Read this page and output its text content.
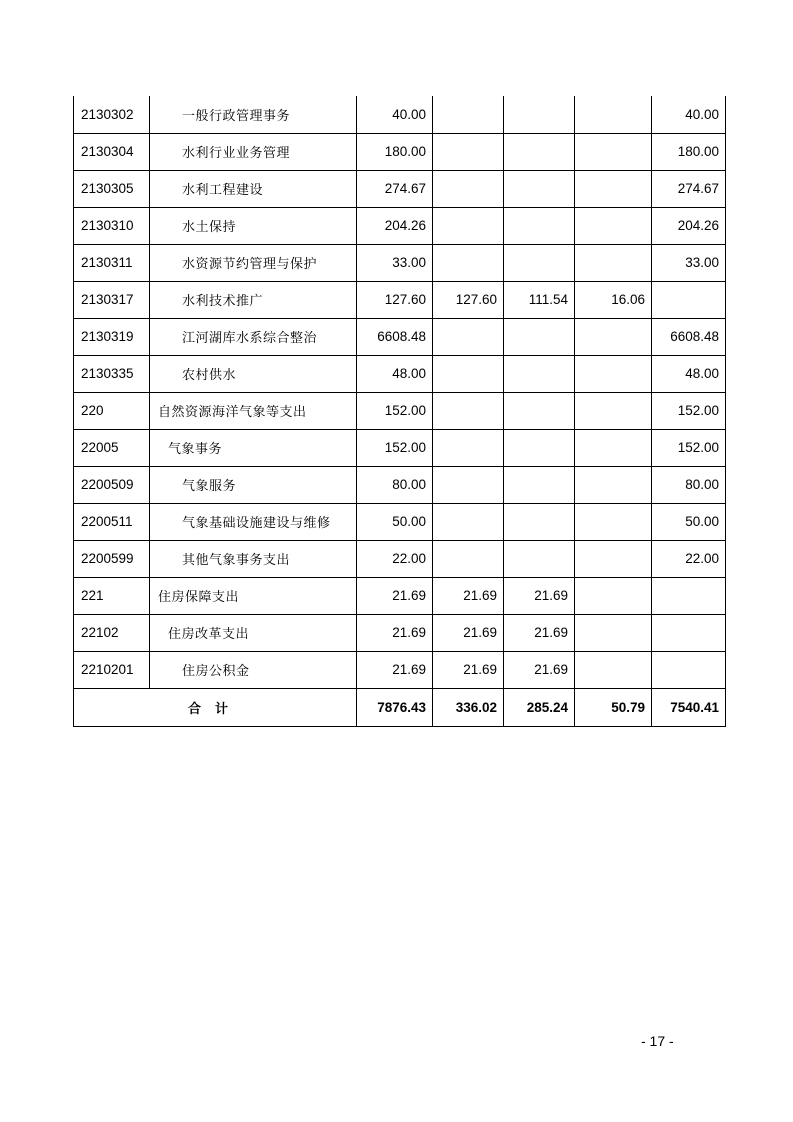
2130302	一般行政管理事务	40.00				40.00
2130304	水利行业业务管理	180.00				180.00
2130305	水利工程建设	274.67				274.67
2130310	水土保持	204.26				204.26
2130311	水资源节约管理与保护	33.00				33.00
2130317	水利技术推广	127.60	127.60	111.54	16.06	
2130319	江河湖库水系综合整治	6608.48				6608.48
2130335	农村供水	48.00				48.00
220	自然资源海洋气象等支出	152.00				152.00
22005	气象事务	152.00				152.00
2200509	气象服务	80.00				80.00
2200511	气象基础设施建设与维修	50.00				50.00
2200599	其他气象事务支出	22.00				22.00
221	住房保障支出	21.69	21.69	21.69		
22102	住房改革支出	21.69	21.69	21.69		
2210201	住房公积金	21.69	21.69	21.69		
合计		7876.43	336.02	285.24	50.79	7540.41
- 17 -
